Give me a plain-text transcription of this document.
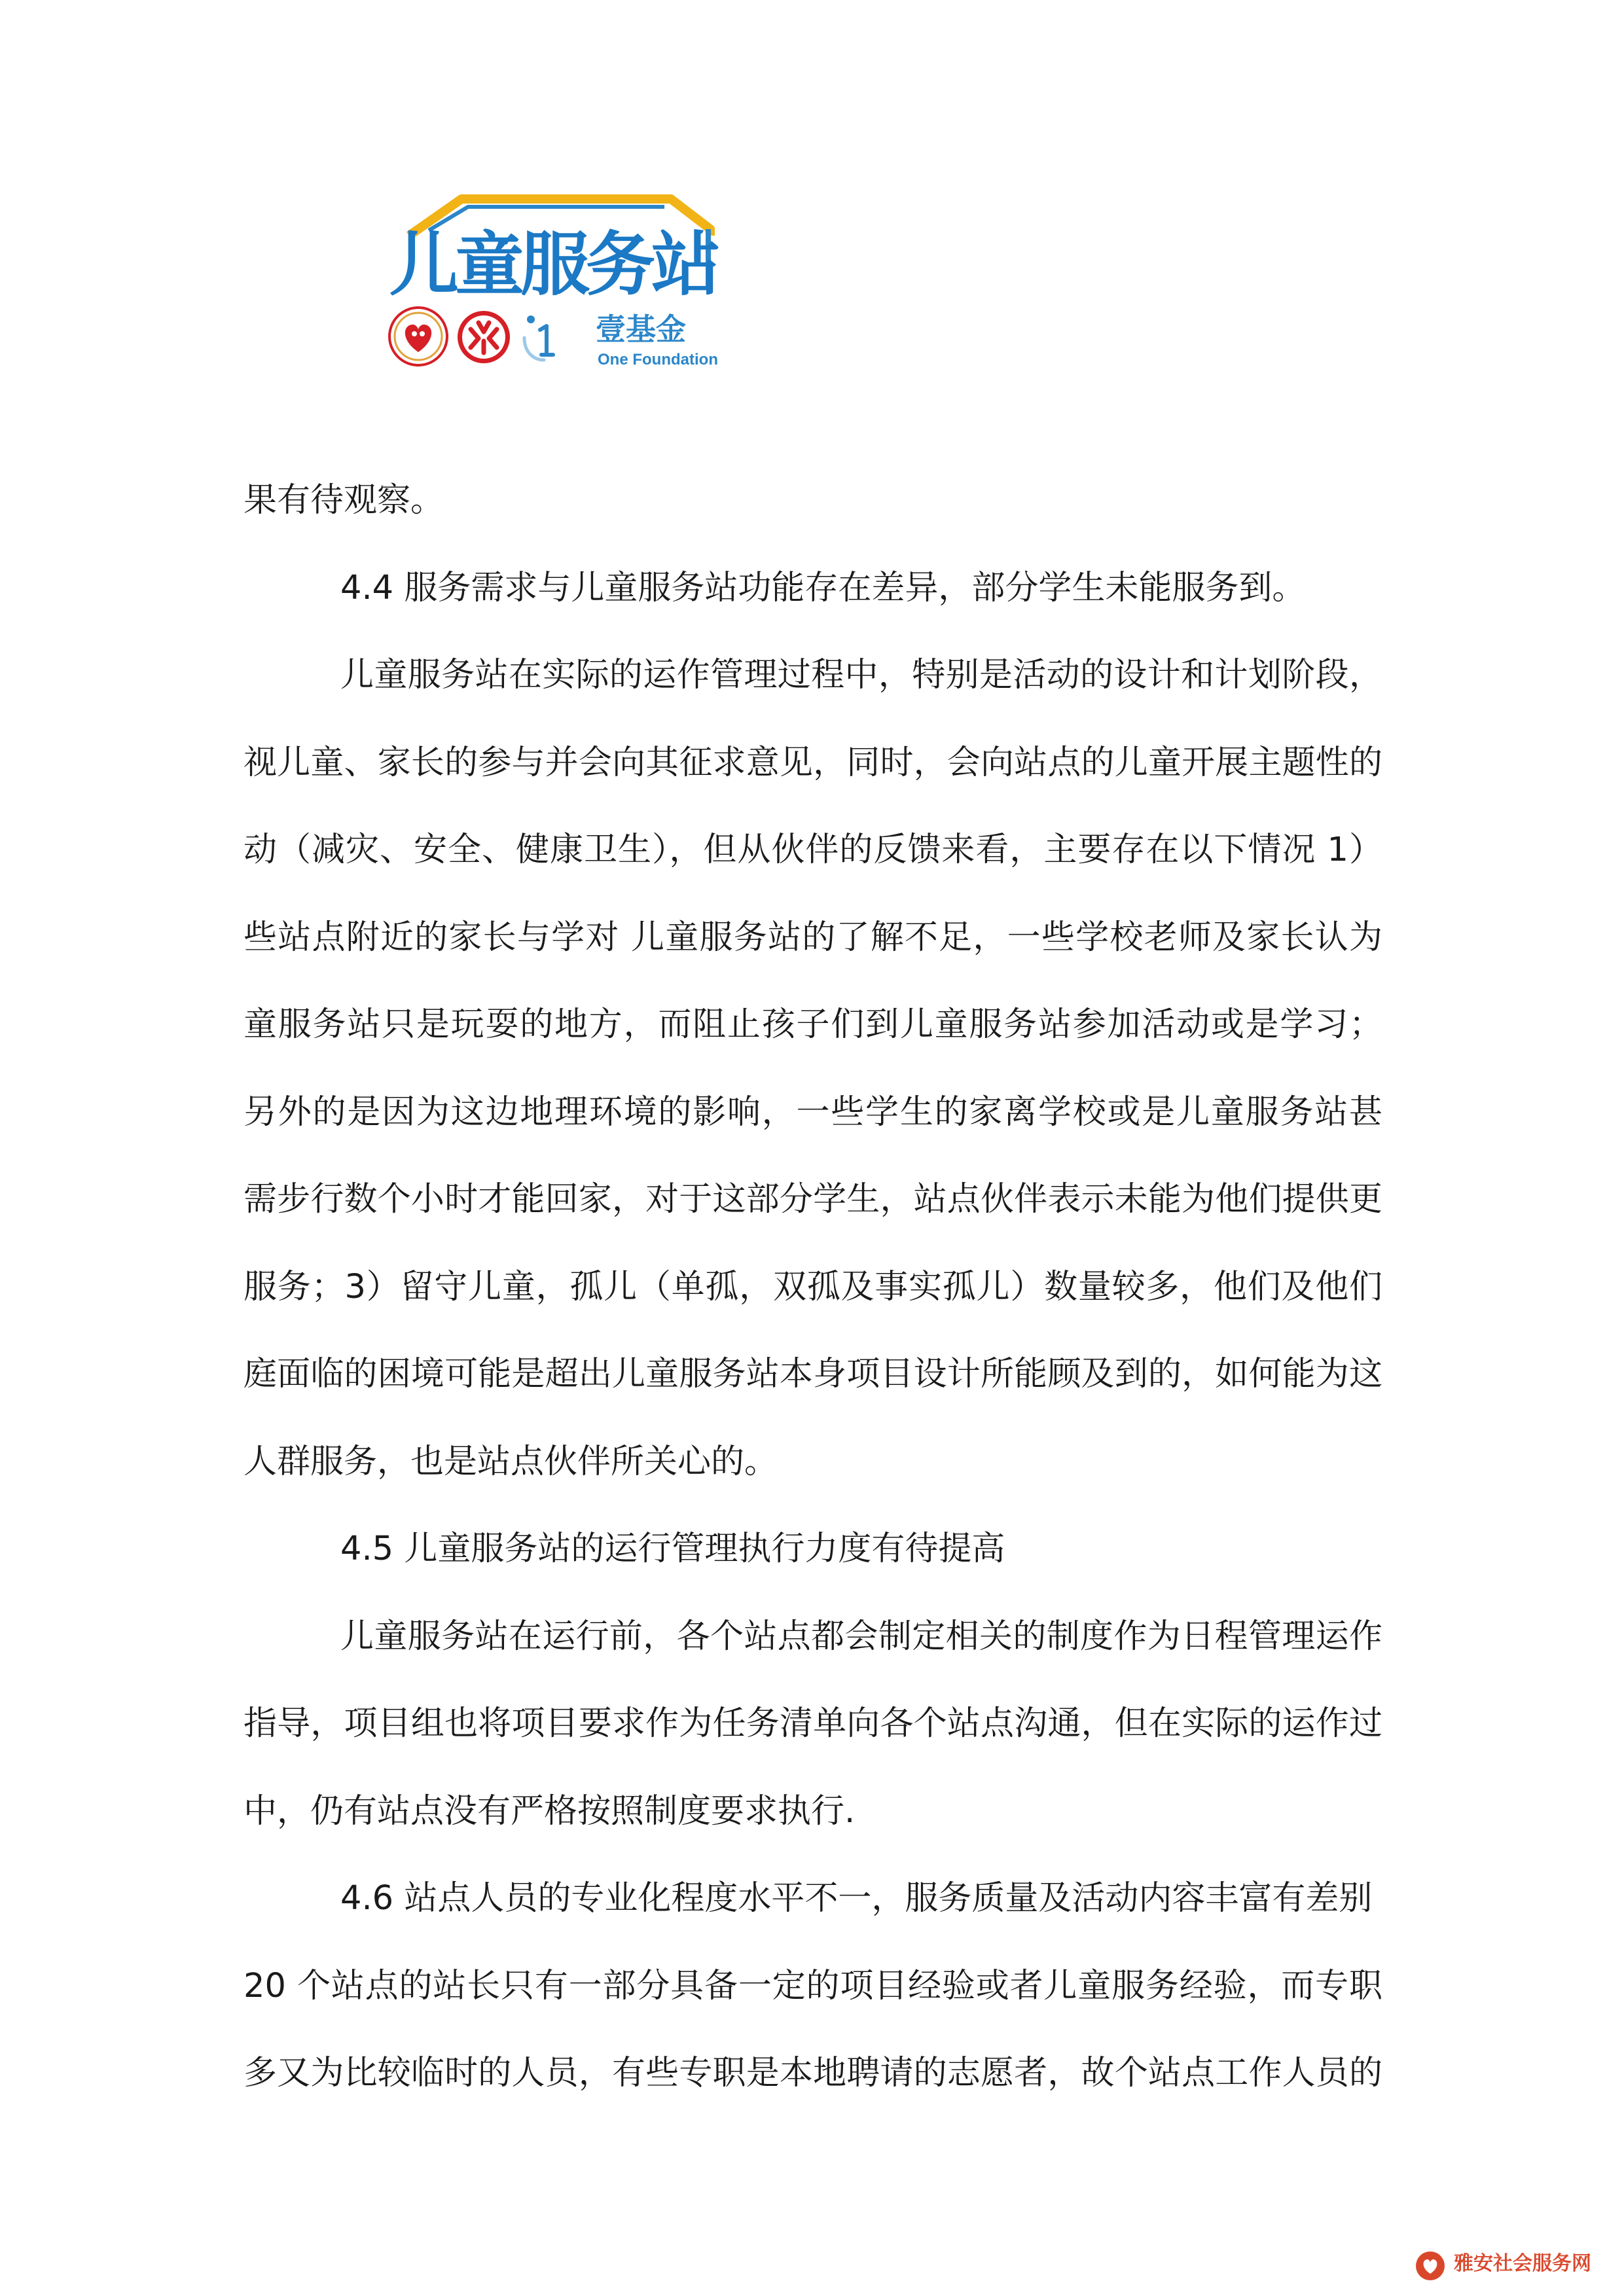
儿童服务站
壹基金
One Foundation
果有待观察。
4.4 服务需求与儿童服务站功能存在差异，部分学生未能服务到。
儿童服务站在实际的运作管理过程中，特别是活动的设计和计划阶段，
视儿童、家长的参与并会向其征求意见，同时，会向站点的儿童开展主题性的
动（减灾、安全、健康卫生），但从伙伴的反馈来看，主要存在以下情况 1）
些站点附近的家长与学对 儿童服务站的了解不足，一些学校老师及家长认为
童服务站只是玩耍的地方，而阻止孩子们到儿童服务站参加活动或是学习；
另外的是因为这边地理环境的影响，一些学生的家离学校或是儿童服务站甚
需步行数个小时才能回家，对于这部分学生，站点伙伴表示未能为他们提供更
服务；3）留守儿童，孤儿（单孤，双孤及事实孤儿）数量较多，他们及他们
庭面临的困境可能是超出儿童服务站本身项目设计所能顾及到的，如何能为这
人群服务，也是站点伙伴所关心的。
4.5 儿童服务站的运行管理执行力度有待提高
儿童服务站在运行前，各个站点都会制定相关的制度作为日程管理运作
指导，项目组也将项目要求作为任务清单向各个站点沟通，但在实际的运作过
中，仍有站点没有严格按照制度要求执行.
4.6 站点人员的专业化程度水平不一，服务质量及活动内容丰富有差别
20 个站点的站长只有一部分具备一定的项目经验或者儿童服务经验，而专职
多又为比较临时的人员，有些专职是本地聘请的志愿者，故个站点工作人员的
雅安社会服务网
